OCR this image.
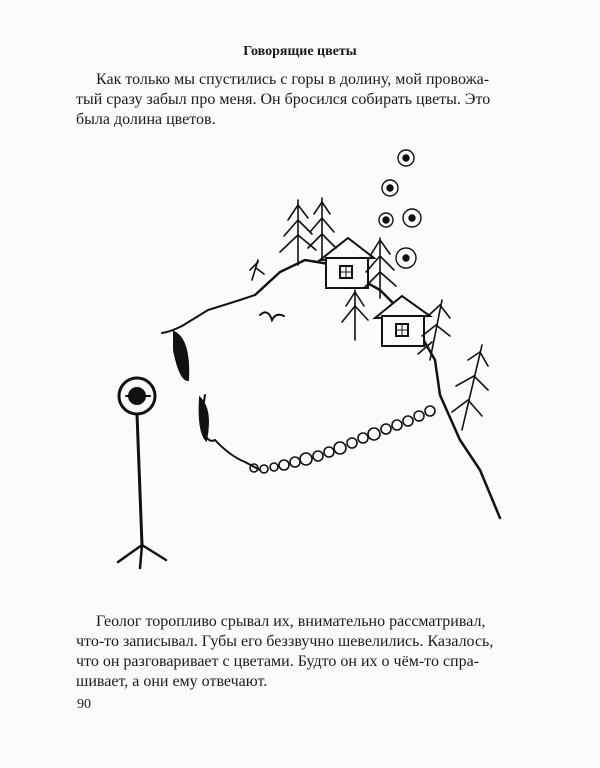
Говорящие цветы
Как только мы спустились с горы в долину, мой провожа-
тый сразу забыл про меня. Он бросился собирать цветы. Это
была долина цветов.
Геолог торопливо срывал их, внимательно рассматривал,
что-то записывал. Губы его беззвучно шевелились. Казалось,
что он разговаривает с цветами. Будто он их о чём-то спра-
шивает, а они ему отвечают.
90
